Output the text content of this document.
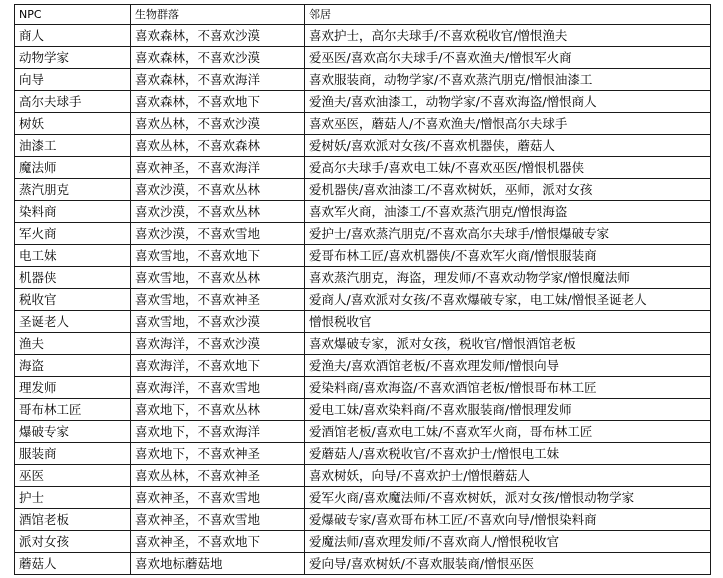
NPC	生物群落	邻居
商人	喜欢森林，不喜欢沙漠	喜欢护士，高尔夫球手/不喜欢税收官/憎恨渔夫
动物学家	喜欢森林，不喜欢沙漠	爱巫医/喜欢高尔夫球手/不喜欢渔夫/憎恨军火商
向导	喜欢森林，不喜欢海洋	喜欢服装商，动物学家/不喜欢蒸汽朋克/憎恨油漆工
高尔夫球手	喜欢森林，不喜欢地下	爱渔夫/喜欢油漆工，动物学家/不喜欢海盗/憎恨商人
树妖	喜欢丛林，不喜欢沙漠	喜欢巫医，蘑菇人/不喜欢渔夫/憎恨高尔夫球手
油漆工	喜欢丛林，不喜欢森林	爱树妖/喜欢派对女孩/不喜欢机器侠，蘑菇人
魔法师	喜欢神圣，不喜欢海洋	爱高尔夫球手/喜欢电工妹/不喜欢巫医/憎恨机器侠
蒸汽朋克	喜欢沙漠，不喜欢丛林	爱机器侠/喜欢油漆工/不喜欢树妖，巫师，派对女孩
染料商	喜欢沙漠，不喜欢丛林	喜欢军火商，油漆工/不喜欢蒸汽朋克/憎恨海盗
军火商	喜欢沙漠，不喜欢雪地	爱护士/喜欢蒸汽朋克/不喜欢高尔夫球手/憎恨爆破专家
电工妹	喜欢雪地，不喜欢地下	爱哥布林工匠/喜欢机器侠/不喜欢军火商/憎恨服装商
机器侠	喜欢雪地，不喜欢丛林	喜欢蒸汽朋克，海盗，理发师/不喜欢动物学家/憎恨魔法师
税收官	喜欢雪地，不喜欢神圣	爱商人/喜欢派对女孩/不喜欢爆破专家，电工妹/憎恨圣诞老人
圣诞老人	喜欢雪地，不喜欢沙漠	憎恨税收官
渔夫	喜欢海洋，不喜欢沙漠	喜欢爆破专家，派对女孩，税收官/憎恨酒馆老板
海盗	喜欢海洋，不喜欢地下	爱渔夫/喜欢酒馆老板/不喜欢理发师/憎恨向导
理发师	喜欢海洋，不喜欢雪地	爱染料商/喜欢海盗/不喜欢酒馆老板/憎恨哥布林工匠
哥布林工匠	喜欢地下，不喜欢丛林	爱电工妹/喜欢染料商/不喜欢服装商/憎恨理发师
爆破专家	喜欢地下，不喜欢海洋	爱酒馆老板/喜欢电工妹/不喜欢军火商，哥布林工匠
服装商	喜欢地下，不喜欢神圣	爱蘑菇人/喜欢税收官/不喜欢护士/憎恨电工妹
巫医	喜欢丛林，不喜欢神圣	喜欢树妖，向导/不喜欢护士/憎恨蘑菇人
护士	喜欢神圣，不喜欢雪地	爱军火商/喜欢魔法师/不喜欢树妖，派对女孩/憎恨动物学家
酒馆老板	喜欢神圣，不喜欢雪地	爱爆破专家/喜欢哥布林工匠/不喜欢向导/憎恨染料商
派对女孩	喜欢神圣，不喜欢地下	爱魔法师/喜欢理发师/不喜欢商人/憎恨税收官
蘑菇人	喜欢地标蘑菇地	爱向导/喜欢树妖/不喜欢服装商/憎恨巫医
